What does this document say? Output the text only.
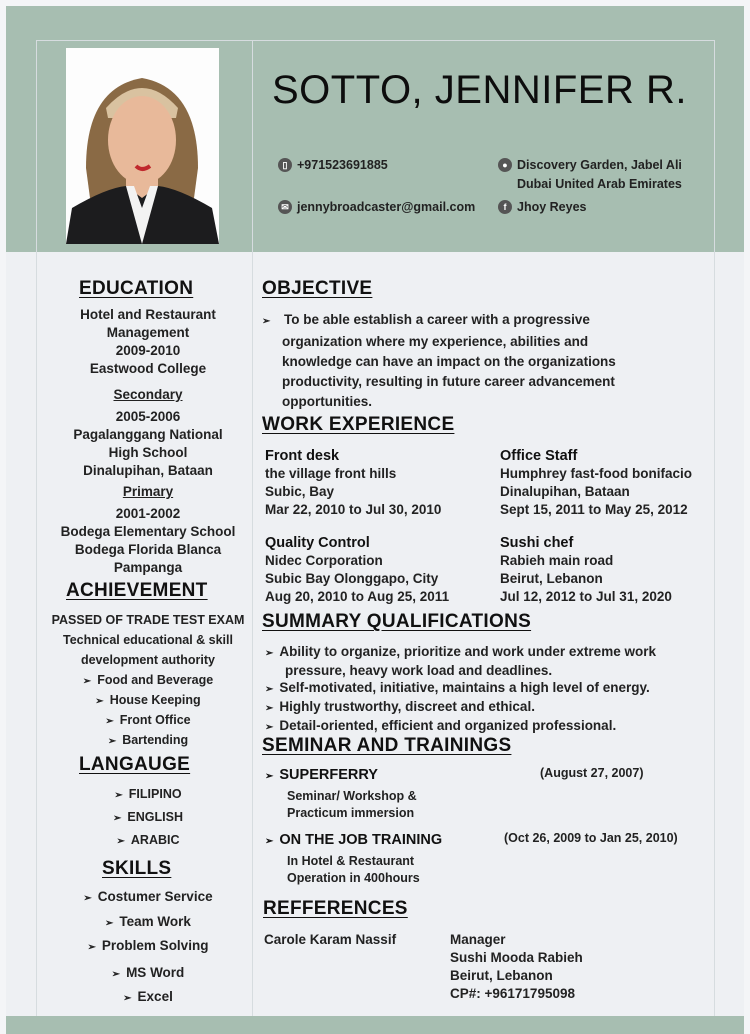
SOTTO, JENNIFER R.
▯ +971523691885
✉ jennybroadcaster@gmail.com
● Discovery Garden, Jabel Ali
Dubai United Arab Emirates
f Jhoy Reyes
EDUCATION
Hotel and Restaurant
Management
2009-2010
Eastwood College
Secondary
2005-2006
Pagalanggang National
High School
Dinalupihan, Bataan
Primary
2001-2002
Bodega Elementary School
Bodega Florida Blanca
Pampanga
ACHIEVEMENT
PASSED OF TRADE TEST EXAM
Technical educational & skill
development authority
➢ Food and Beverage
➢ House Keeping
➢ Front Office
➢ Bartending
LANGAUGE
➢ FILIPINO
➢ ENGLISH
➢ ARABIC
SKILLS
➢ Costumer Service
➢ Team Work
➢ Problem Solving
➢ MS Word
➢ Excel
OBJECTIVE
➢ To be able establish a career with a progressive
organization where my experience, abilities and
knowledge can have an impact on the organizations
productivity, resulting in future career advancement
opportunities.
WORK EXPERIENCE
Front desk
the village front hills
Subic, Bay
Mar 22, 2010 to Jul 30, 2010
Office Staff
Humphrey fast-food bonifacio
Dinalupihan, Bataan
Sept 15, 2011 to May 25, 2012
Quality Control
Nidec Corporation
Subic Bay Olonggapo, City
Aug 20, 2010 to Aug 25, 2011
Sushi chef
Rabieh main road
Beirut, Lebanon
Jul 12, 2012 to Jul 31, 2020
SUMMARY QUALIFICATIONS
➢ Ability to organize, prioritize and work under extreme work
pressure, heavy work load and deadlines.
➢ Self-motivated, initiative, maintains a high level of energy.
➢ Highly trustworthy, discreet and ethical.
➢ Detail-oriented, efficient and organized professional.
SEMINAR AND TRAININGS
➢ SUPERFERRY
Seminar/ Workshop &
Practicum immersion
(August 27, 2007)
➢ ON THE JOB TRAINING
In Hotel & Restaurant
Operation in 400hours
(Oct 26, 2009 to Jan 25, 2010)
REFFERENCES
Carole Karam Nassif	Manager
Sushi Mooda Rabieh
Beirut, Lebanon
CP#: +96171795098
